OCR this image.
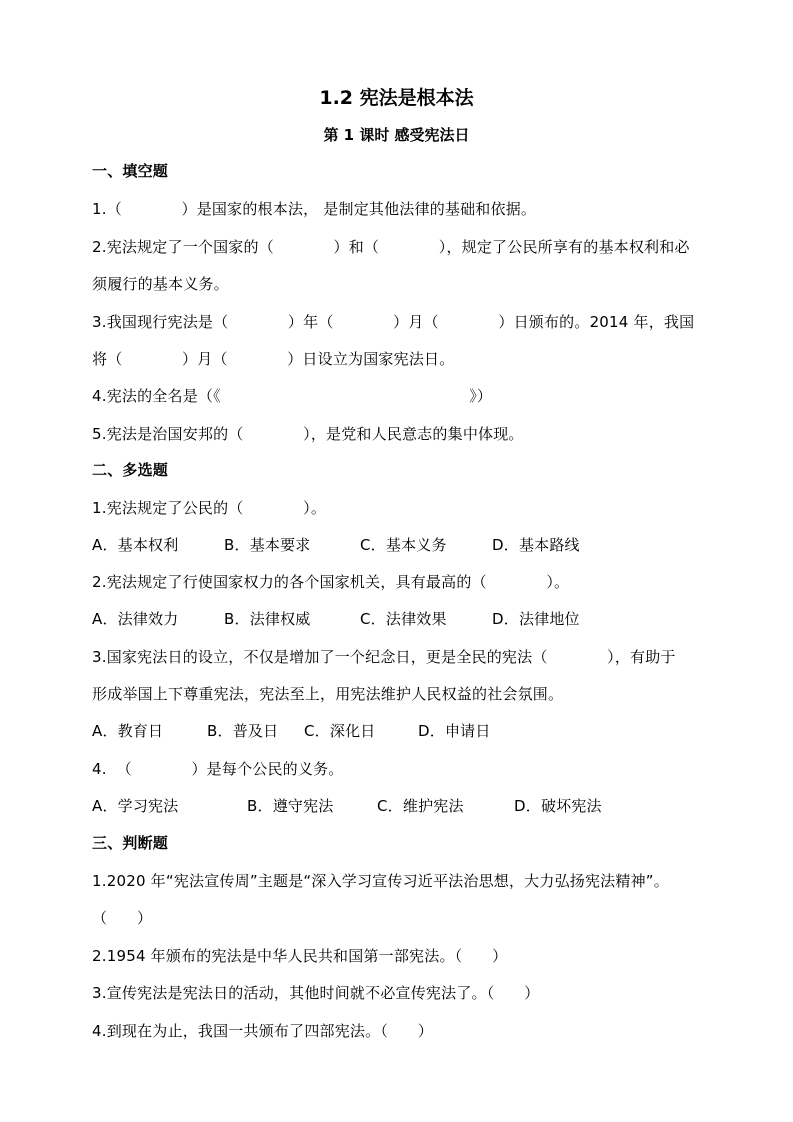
1.2 宪法是根本法
第 1 课时 感受宪法日
一、填空题
1.（            ）是国家的根本法， 是制定其他法律的基础和依据。
2.宪法规定了一个国家的（            ）和（            ），规定了公民所享有的基本权利和必
须履行的基本义务。
3.我国现行宪法是（            ）年（            ）月（            ）日颁布的。2014 年，我国
将（            ）月（            ）日设立为国家宪法日。
4.宪法的全名是（《                                                  》）
5.宪法是治国安邦的（            ），是党和人民意志的集中体现。
二、多选题
1.宪法规定了公民的（            ）。

A．基本权利

	B．基本要求

	C．基本义务

	D．基本路线

2.宪法规定了行使国家权力的各个国家机关，具有最高的（            ）。

A．法律效力

	B．法律权威

	C．法律效果

	D．法律地位

3.国家宪法日的设立，不仅是增加了一个纪念日，更是全民的宪法（            ），有助于
形成举国上下尊重宪法，宪法至上，用宪法维护人民权益的社会氛围。

A．教育日

	B．普及日

C．深化日

	D．申请日

4.  （            ）是每个公民的义务。

A．学习宪法

	B．遵守宪法

	C．维护宪法

	D．破坏宪法

三、判断题
1.2020 年“宪法宣传周”主题是“深入学习宣传习近平法治思想，大力弘扬宪法精神”。
（      ）
2.1954 年颁布的宪法是中华人民共和国第一部宪法。（      ）
3.宣传宪法是宪法日的活动，其他时间就不必宣传宪法了。（      ）
4.到现在为止，我国一共颁布了四部宪法。（      ）
